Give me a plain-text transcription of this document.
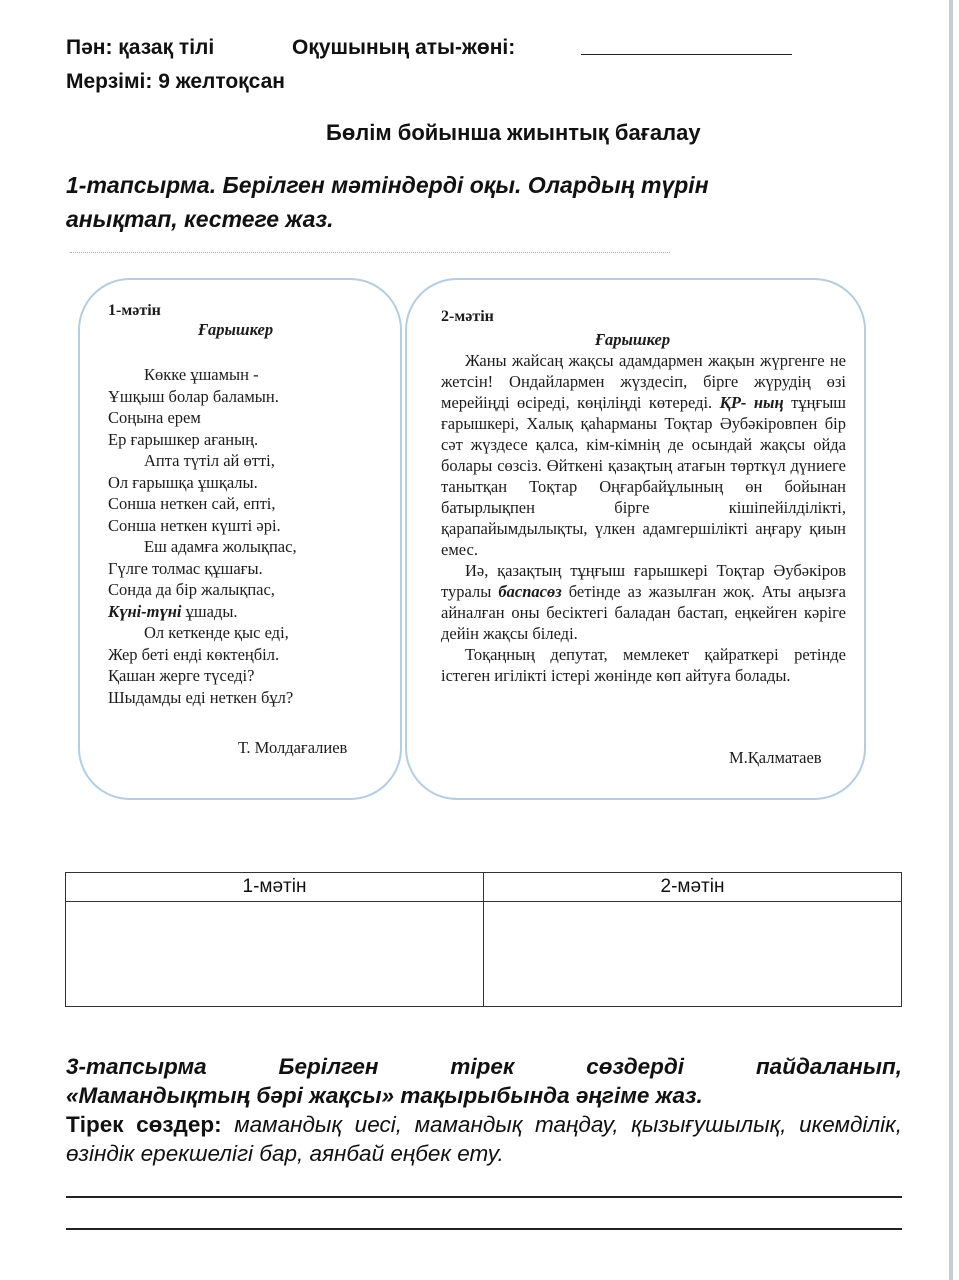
Пән: қазақ тілі	Оқушының аты-жөні:
Мерзімі: 9 желтоқсан
Бөлім бойынша жиынтық бағалау
1-тапсырма. Берілген мәтіндерді оқы. Олардың түрін
анықтап, кестеге жаз.
1-мәтін
Ғарышкер
Көкке ұшамын -
Ұшқыш болар баламын.
Соңына ерем
Ер ғарышкер ағаның.
Апта түтіл ай өтті,
Ол ғарышқа ұшқалы.
Сонша неткен сай, епті,
Сонша неткен күшті әрі.
Еш адамға жолықпас,
Гүлге толмас құшағы.
Сонда да бір жалықпас,
Күні-түні ұшады.
Ол кеткенде қыс еді,
Жер беті енді көктеңбіл.
Қашан жерге түседі?
Шыдамды еді неткен бұл?
Т. Молдағалиев
2-мәтін
Ғарышкер

Жаны жайсаң жақсы адамдармен жақын жүргенге не жетсін! Ондайлармен жүздесіп, бірге жүрудің өзі мерейіңді өсіреді, көңіліңді көтереді. ҚР- ның тұңғыш ғарышкері, Халық қаһарманы Тоқтар Әубәкіровпен бір сәт жүздесе қалса, кім-кімнің де осындай жақсы ойда болары сөзсіз. Өйткені қазақтың атағын төрткүл дүниеге танытқан Тоқтар Оңғарбайұлының өн бойынан батырлықпен бірге кішіпейілділікті, қарапайымдылықты, үлкен адамгершілікті аңғару қиын емес.

Иә, қазақтың тұңғыш ғарышкері Тоқтар Әубәкіров туралы баспасөз бетінде аз жазылған жоқ. Аты аңызға айналған оны бесіктегі баладан бастап, еңкейген кәріге дейін жақсы біледі.

Тоқаңның депутат, мемлекет қайраткері ретінде істеген игілікті істері жөнінде көп айтуға болады.

М.Қалматаев
1-мәтін	2-мәтін

3-тапсырма	Берілген	тірек	сөздерді	пайдаланып,
«Мамандықтың бәрі жақсы» тақырыбында әңгіме жаз.
Тірек сөздер: мамандық иесі, мамандық таңдау, қызығушылық, икемділік, өзіндік ерекшелігі бар, аянбай еңбек ету.
